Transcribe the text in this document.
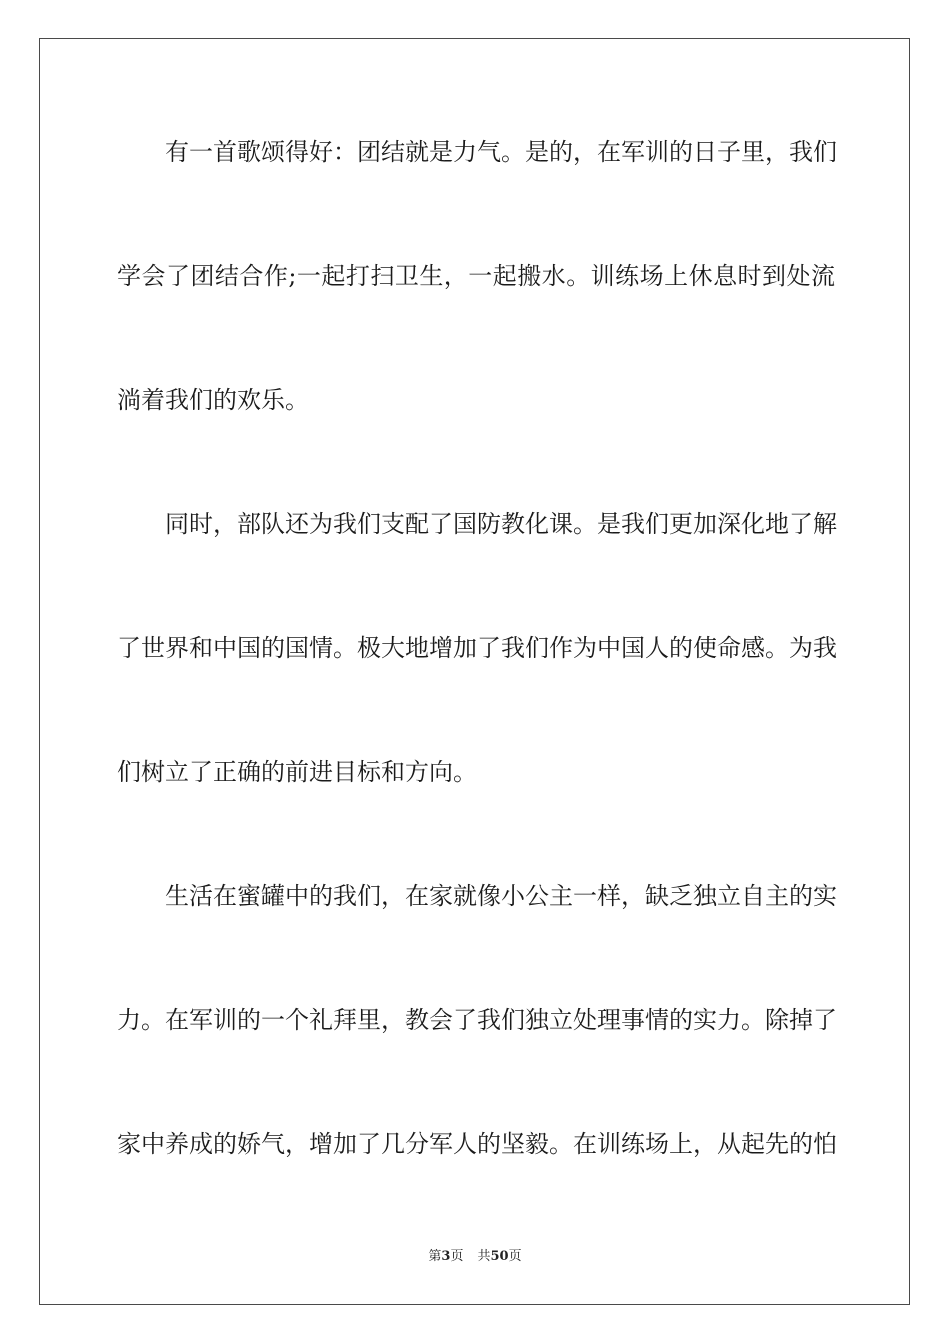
有一首歌颂得好：团结就是力气。是的，在军训的日子里，我们
学会了团结合作;一起打扫卫生，一起搬水。训练场上休息时到处流
淌着我们的欢乐。
同时，部队还为我们支配了国防教化课。是我们更加深化地了解
了世界和中国的国情。极大地增加了我们作为中国人的使命感。为我
们树立了正确的前进目标和方向。
生活在蜜罐中的我们，在家就像小公主一样，缺乏独立自主的实
力。在军训的一个礼拜里，教会了我们独立处理事情的实力。除掉了
家中养成的娇气，增加了几分军人的坚毅。在训练场上，从起先的怕
第3页 共50页
